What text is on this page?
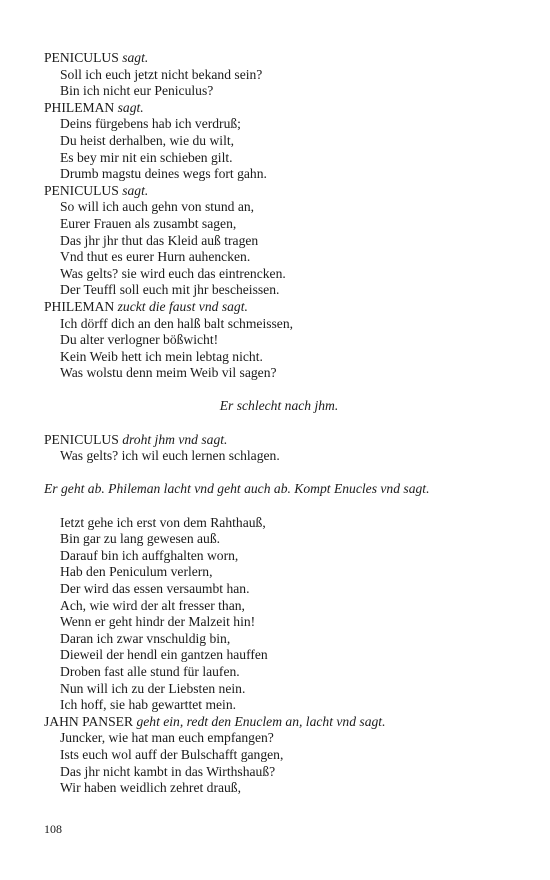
PENICULUS sagt.
Soll ich euch jetzt nicht bekand sein?
Bin ich nicht eur Peniculus?
PHILEMAN sagt.
Deins fürgebens hab ich verdruß;
Du heist derhalben, wie du wilt,
Es bey mir nit ein schieben gilt.
Drumb magstu deines wegs fort gahn.
PENICULUS sagt.
So will ich auch gehn von stund an,
Eurer Frauen als zusambt sagen,
Das jhr jhr thut das Kleid auß tragen
Vnd thut es eurer Hurn auhencken.
Was gelts? sie wird euch das eintrencken.
Der Teuffl soll euch mit jhr bescheissen.
PHILEMAN zuckt die faust vnd sagt.
Ich dörff dich an den halß balt schmeissen,
Du alter verlogner bößwicht!
Kein Weib hett ich mein lebtag nicht.
Was wolstu denn meim Weib vil sagen?
Er schlecht nach jhm.
PENICULUS droht jhm vnd sagt.
Was gelts? ich wil euch lernen schlagen.
Er geht ab. Phileman lacht vnd geht auch ab. Kompt Enucles vnd sagt.
Ietzt gehe ich erst von dem Rahthauß,
Bin gar zu lang gewesen auß.
Darauf bin ich auffghalten worn,
Hab den Peniculum verlern,
Der wird das essen versaumbt han.
Ach, wie wird der alt fresser than,
Wenn er geht hindr der Malzeit hin!
Daran ich zwar vnschuldig bin,
Dieweil der hendl ein gantzen hauffen
Droben fast alle stund für laufen.
Nun will ich zu der Liebsten nein.
Ich hoff, sie hab gewarttet mein.
JAHN PANSER geht ein, redt den Enuclem an, lacht vnd sagt.
Juncker, wie hat man euch empfangen?
Ists euch wol auff der Bulschafft gangen,
Das jhr nicht kambt in das Wirthshauß?
Wir haben weidlich zehret drauß,
108
